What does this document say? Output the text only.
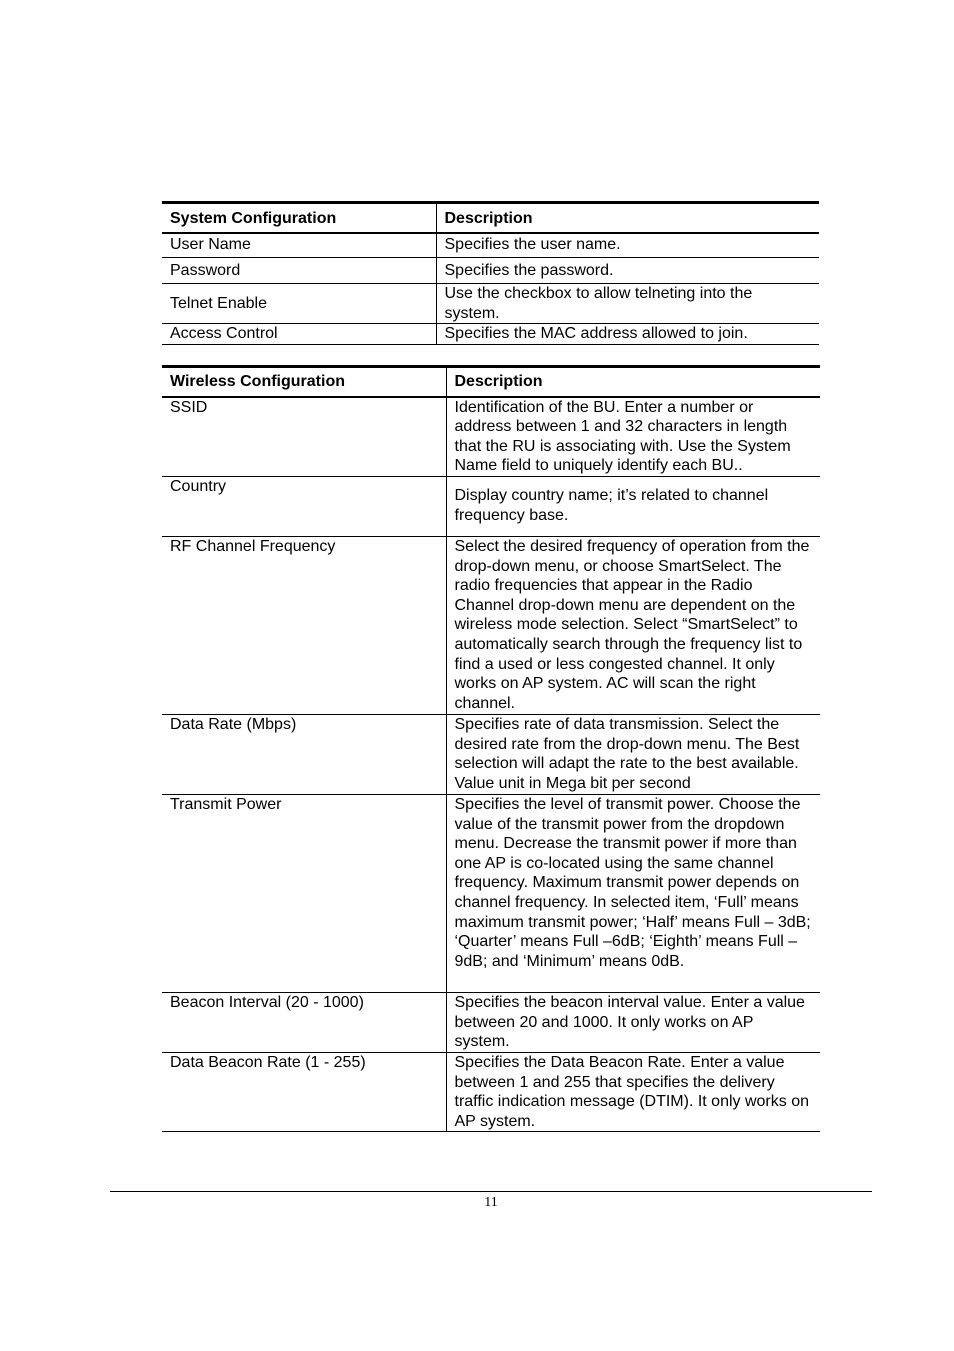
System Configuration	Description
User Name	Specifies the user name.
Password	Specifies the password.
Telnet Enable	Use the checkbox to allow telneting into the system.
Access Control	Specifies the MAC address allowed to join.
Wireless Configuration	Description
SSID	Identification of the BU. Enter a number or address between 1 and 32 characters in length that the RU is associating with. Use the System Name field to uniquely identify each BU..
Country	Display country name; it’s related to channel frequency base.
RF Channel Frequency	Select the desired frequency of operation from the drop-down menu, or choose SmartSelect. The radio frequencies that appear in the Radio Channel drop-down menu are dependent on the wireless mode selection. Select “SmartSelect” to automatically search through the frequency list to find a used or less congested channel. It only works on AP system. AC will scan the right channel.
Data Rate (Mbps)	Specifies rate of data transmission. Select the desired rate from the drop-down menu. The Best selection will adapt the rate to the best available. Value unit in Mega bit per second
Transmit Power	Specifies the level of transmit power. Choose the value of the transmit power from the dropdown menu. Decrease the transmit power if more than one AP is co-located using the same channel frequency. Maximum transmit power depends on channel frequency. In selected item, ‘Full’ means maximum transmit power; ‘Half’ means Full – 3dB; ‘Quarter’ means Full –6dB; ‘Eighth’ means Full –9dB; and ‘Minimum’ means 0dB.
Beacon Interval (20 - 1000)	Specifies the beacon interval value. Enter a value between 20 and 1000. It only works on AP system.
Data Beacon Rate (1 - 255)	Specifies the Data Beacon Rate. Enter a value between 1 and 255 that specifies the delivery traffic indication message (DTIM). It only works on AP system.
11
